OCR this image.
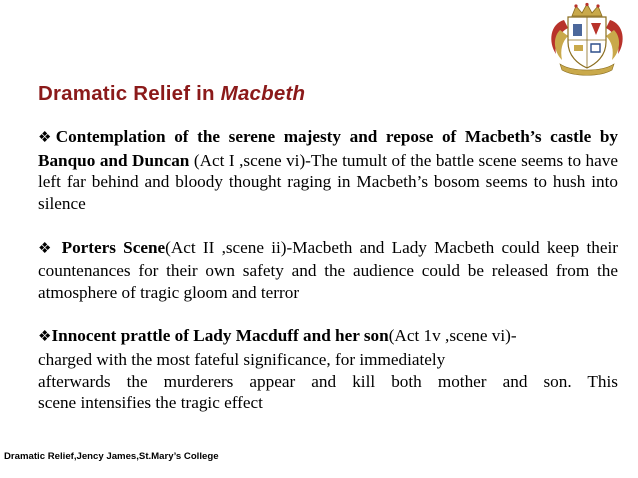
Dramatic Relief in Macbeth

❖Contemplation of the serene majesty and repose of Macbeth’s castle by Banquo and Duncan (Act I ,scene vi)-The tumult of the battle scene seems to have left far behind and bloody thought raging in Macbeth’s bosom seems to hush into silence

❖ Porters Scene(Act II ,scene ii)-Macbeth and Lady Macbeth could keep their countenances for their own safety and the audience could be released from the atmosphere of tragic gloom and terror

❖Innocent prattle of Lady Macduff and her son(Act 1v ,scene vi)-
charged with the most fateful significance, for immediately
afterwards the murderers appear and kill both mother and son. This
scene intensifies the tragic effect
Dramatic Relief,Jency James,St.Mary’s College
